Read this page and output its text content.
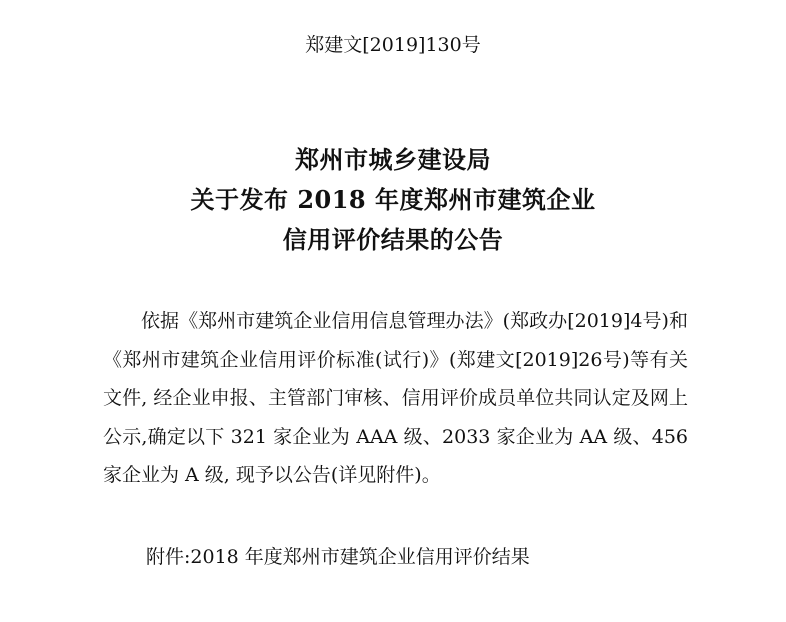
郑建文[2019]130号
郑州市城乡建设局
关于发布 2018 年度郑州市建筑企业
信用评价结果的公告

依据《郑州市建筑企业信用信息管理办法》(郑政办[2019]4号)和《郑州市建筑企业信用评价标准(试行)》(郑建文[2019]26号)等有关文件, 经企业申报、主管部门审核、信用评价成员单位共同认定及网上公示,确定以下 321 家企业为 AAA 级、2033 家企业为 AA 级、456 家企业为 A 级, 现予以公告(详见附件)。

附件:2018 年度郑州市建筑企业信用评价结果
